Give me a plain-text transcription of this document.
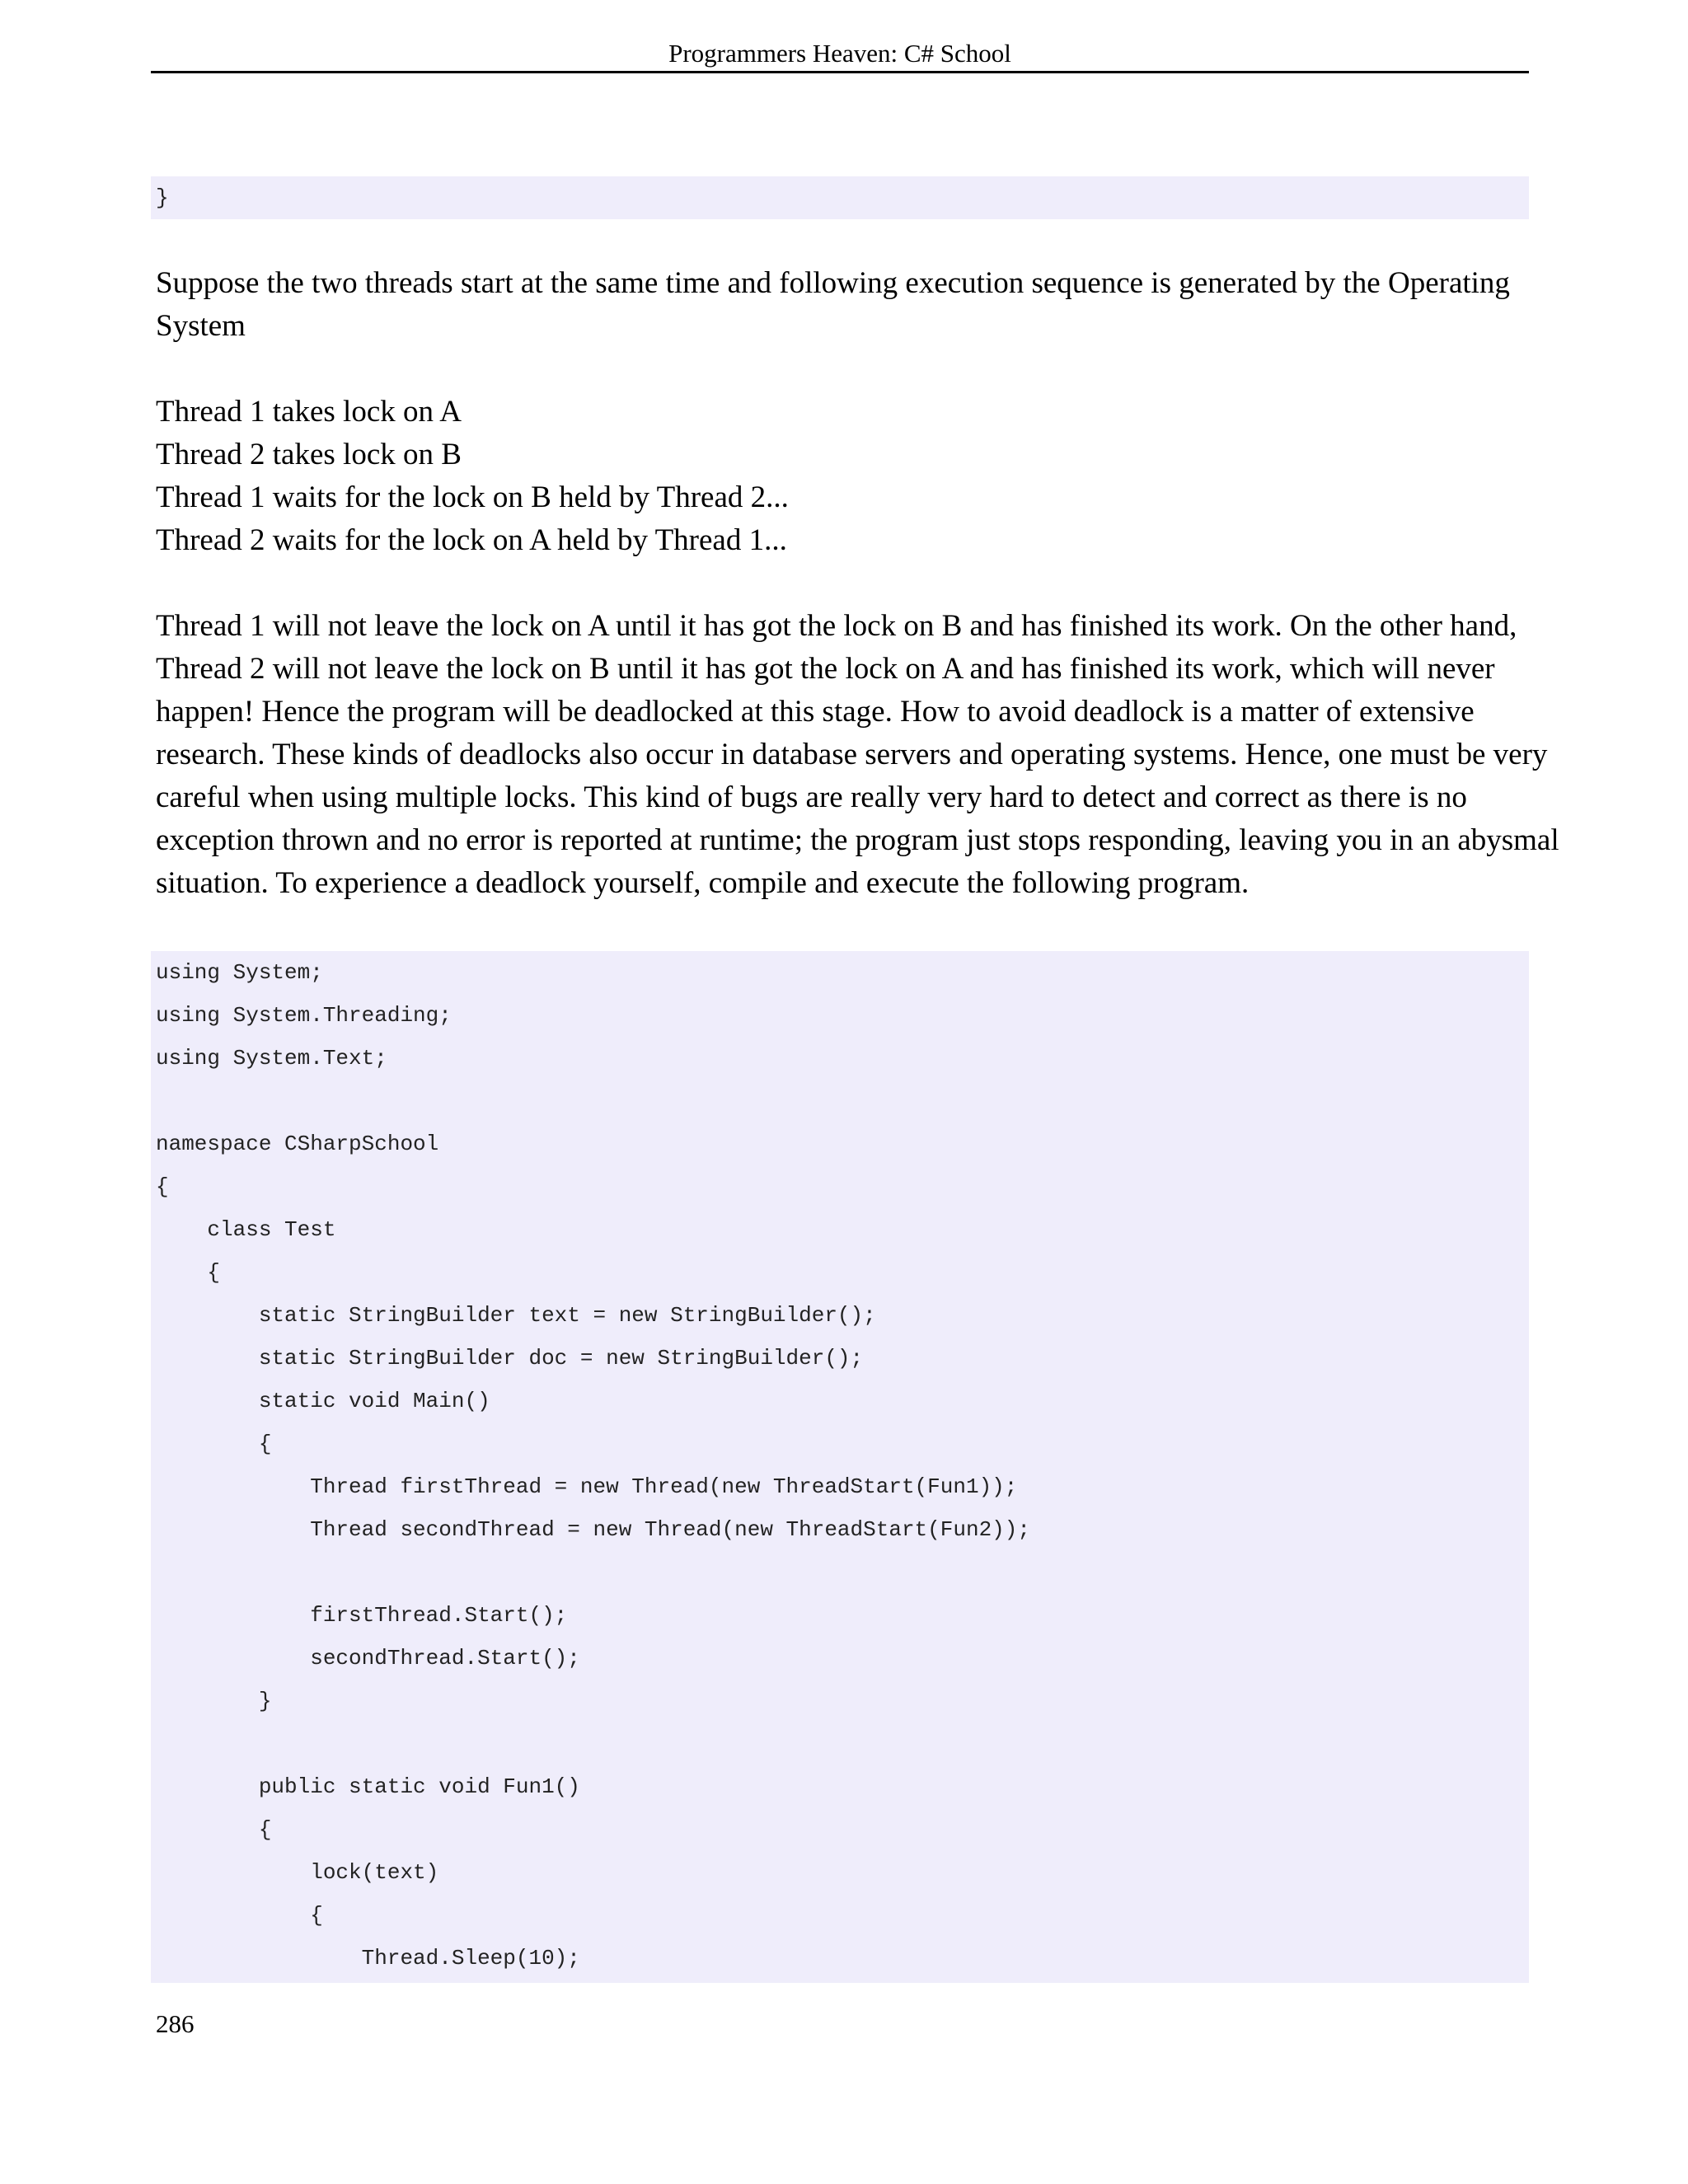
Programmers Heaven: C# School
}
Suppose the two threads start at the same time and following execution sequence is generated by the Operating
System
Thread 1 takes lock on A
Thread 2 takes lock on B
Thread 1 waits for the lock on B held by Thread 2...
Thread 2 waits for the lock on A held by Thread 1...
Thread 1 will not leave the lock on A until it has got the lock on B and has finished its work. On the other hand,
Thread 2 will not leave the lock on B until it has got the lock on A and has finished its work, which will never
happen! Hence the program will be deadlocked at this stage. How to avoid deadlock is a matter of extensive
research. These kinds of deadlocks also occur in database servers and operating systems. Hence, one must be very
careful when using multiple locks. This kind of bugs are really very hard to detect and correct as there is no
exception thrown and no error is reported at runtime; the program just stops responding, leaving you in an abysmal
situation. To experience a deadlock yourself, compile and execute the following program.
using System;
using System.Threading;
using System.Text;
namespace CSharpSchool
{
class Test
{
static StringBuilder text = new StringBuilder();
static StringBuilder doc = new StringBuilder();
static void Main()
{
Thread firstThread = new Thread(new ThreadStart(Fun1));
Thread secondThread = new Thread(new ThreadStart(Fun2));
firstThread.Start();
secondThread.Start();
}
public static void Fun1()
{
lock(text)
{
Thread.Sleep(10);
286
